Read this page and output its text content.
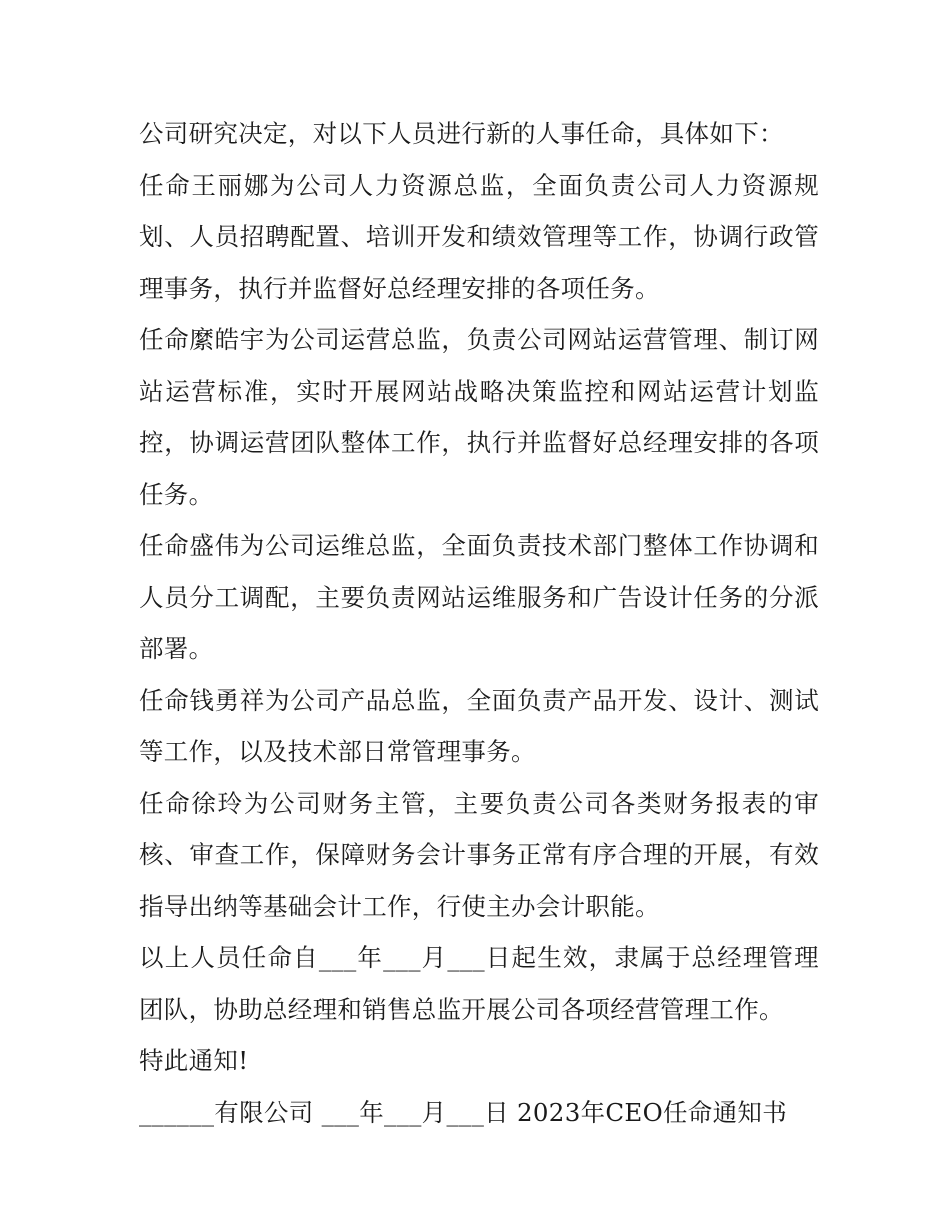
公司研究决定，对以下人员进行新的人事任命，具体如下：

任命王丽娜为公司人力资源总监，全面负责公司人力资源规划、人员招聘配置、培训开发和绩效管理等工作，协调行政管理事务，执行并监督好总经理安排的各项任务。

任命縻皓宇为公司运营总监，负责公司网站运营管理、制订网站运营标准，实时开展网站战略决策监控和网站运营计划监控，协调运营团队整体工作，执行并监督好总经理安排的各项任务。

任命盛伟为公司运维总监，全面负责技术部门整体工作协调和人员分工调配，主要负责网站运维服务和广告设计任务的分派部署。

任命钱勇祥为公司产品总监，全面负责产品开发、设计、测试等工作，以及技术部日常管理事务。

任命徐玲为公司财务主管，主要负责公司各类财务报表的审核、审查工作，保障财务会计事务正常有序合理的开展，有效指导出纳等基础会计工作，行使主办会计职能。

以上人员任命自___年___月___日起生效，隶属于总经理管理团队，协助总经理和销售总监开展公司各项经营管理工作。

特此通知!

______有限公司 ___年___月___日 2023年CEO任命通知书
